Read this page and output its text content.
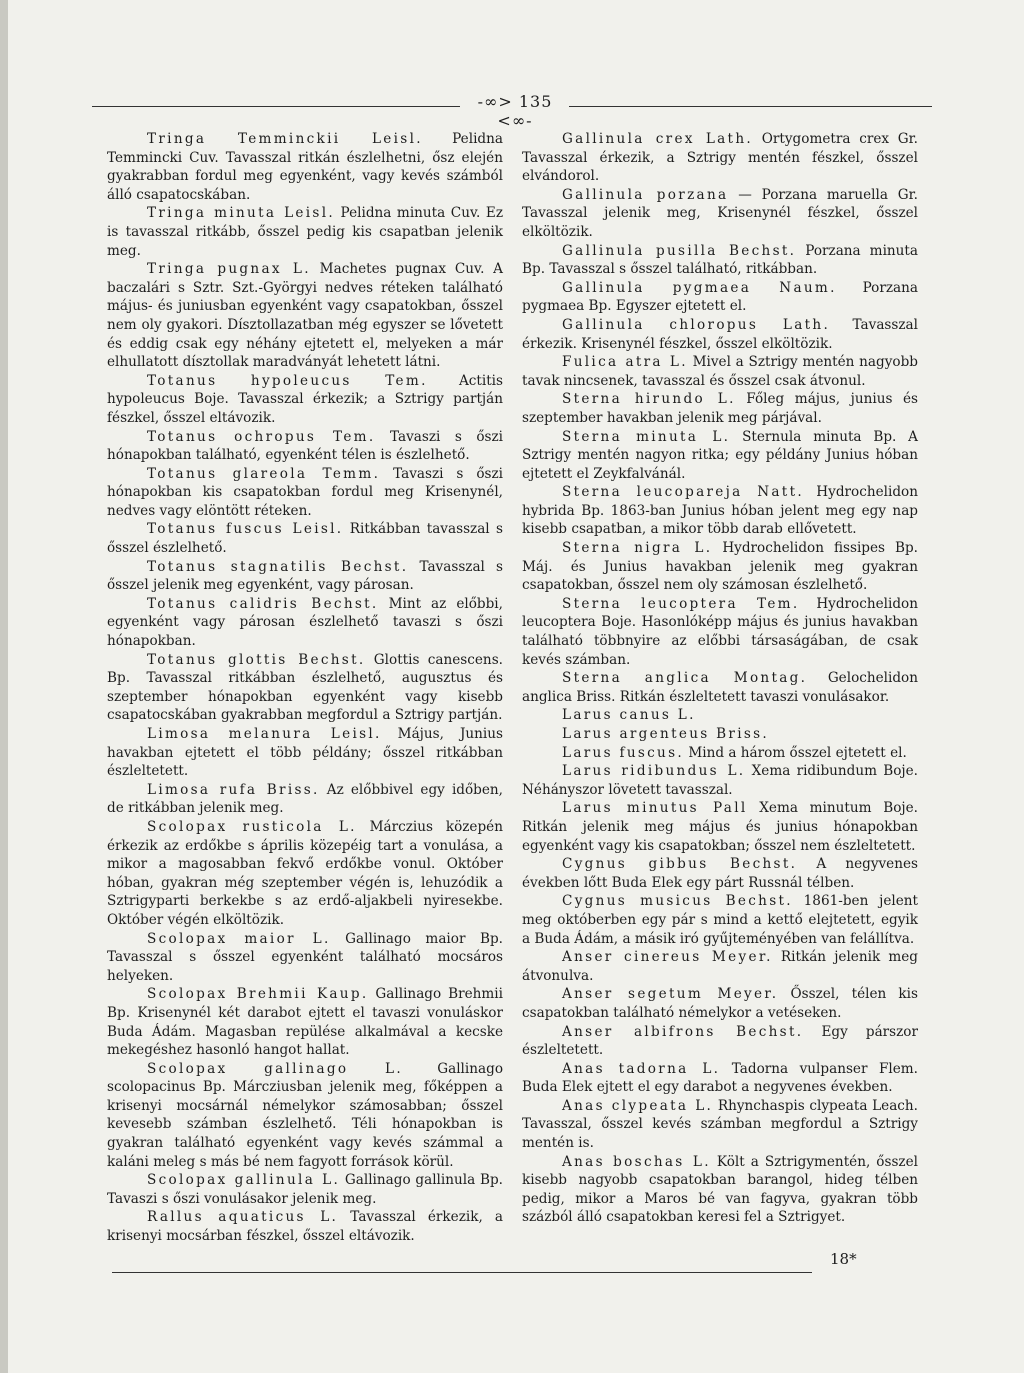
-∞> 135 <∞-

Tringa Temminckii Leisl. Pelidna Temmincki Cuv. Tavasszal ritkán észlelhetni, ősz elején gyakrabban fordul meg egyenként, vagy kevés számból álló csapatocskában.

Tringa minuta Leisl. Pelidna minuta Cuv. Ez is tavasszal ritkább, ősszel pedig kis csapatban jelenik meg.

Tringa pugnax L. Machetes pugnax Cuv. A baczalári s Sztr. Szt.-Györgyi nedves réteken található május- és juniusban egyenként vagy csapatokban, ősszel nem oly gyakori. Dísztollazatban még egyszer se lővetett és eddig csak egy néhány ejtetett el, melyeken a már elhullatott dísztollak maradványát lehetett látni.

Totanus hypoleucus Tem. Actitis hypoleucus Boje. Tavasszal érkezik; a Sztrigy partján fészkel, ősszel eltávozik.

Totanus ochropus Tem. Tavaszi s őszi hónapokban található, egyenként télen is észlelhető.

Totanus glareola Temm. Tavaszi s őszi hónapokban kis csapatokban fordul meg Krisenynél, nedves vagy elöntött réteken.

Totanus fuscus Leisl. Ritkábban tavasszal s ősszel észlelhető.

Totanus stagnatilis Bechst. Tavasszal s ősszel jelenik meg egyenként, vagy párosan.

Totanus calidris Bechst. Mint az előbbi, egyenként vagy párosan észlelhető tavaszi s őszi hónapokban.

Totanus glottis Bechst. Glottis canescens. Bp. Tavasszal ritkábban észlelhető, augusztus és szeptember hónapokban egyenként vagy kisebb csapatocskában gyakrabban megfordul a Sztrigy partján.

Limosa melanura Leisl. Május, Junius havakban ejtetett el több példány; ősszel ritkábban észleltetett.

Limosa rufa Briss. Az előbbivel egy időben, de ritkábban jelenik meg.

Scolopax rusticola L. Márczius közepén érkezik az erdőkbe s április közepéig tart a vonulása, a mikor a magosabban fekvő erdőkbe vonul. Október hóban, gyakran még szeptember végén is, lehuzódik a Sztrigyparti berkekbe s az erdő-aljakbeli nyiresekbe. Október végén elköltözik.

Scolopax maior L. Gallinago maior Bp. Tavasszal s ősszel egyenként található mocsáros helyeken.

Scolopax Brehmii Kaup. Gallinago Brehmii Bp. Krisenynél két darabot ejtett el tavaszi vonuláskor Buda Ádám. Magasban repülése alkalmával a kecske mekegéshez hasonló hangot hallat.

Scolopax gallinago L. Gallinago scolopacinus Bp. Márcziusban jelenik meg, főképpen a krisenyi mocsárnál némelykor számosabban; ősszel kevesebb számban észlelhető. Téli hónapokban is gyakran található egyenként vagy kevés számmal a kaláni meleg s más bé nem fagyott források körül.

Scolopax gallinula L. Gallinago gallinula Bp. Tavaszi s őszi vonulásakor jelenik meg.

Rallus aquaticus L. Tavasszal érkezik, a krisenyi mocsárban fészkel, ősszel eltávozik.

Gallinula crex Lath. Ortygometra crex Gr. Tavasszal érkezik, a Sztrigy mentén fészkel, ősszel elvándorol.

Gallinula porzana — Porzana maruella Gr. Tavasszal jelenik meg, Krisenynél fészkel, ősszel elköltözik.

Gallinula pusilla Bechst. Porzana minuta Bp. Tavasszal s ősszel található, ritkábban.

Gallinula pygmaea Naum. Porzana pygmaea Bp. Egyszer ejtetett el.

Gallinula chloropus Lath. Tavasszal érkezik. Krisenynél fészkel, ősszel elköltözik.

Fulica atra L. Mivel a Sztrigy mentén nagyobb tavak nincsenek, tavasszal és ősszel csak átvonul.

Sterna hirundo L. Főleg május, junius és szeptember havakban jelenik meg párjával.

Sterna minuta L. Sternula minuta Bp. A Sztrigy mentén nagyon ritka; egy példány Junius hóban ejtetett el Zeykfalvánál.

Sterna leucopareja Natt. Hydrochelidon hybrida Bp. 1863-ban Junius hóban jelent meg egy nap kisebb csapatban, a mikor több darab ellővetett.

Sterna nigra L. Hydrochelidon fissipes Bp. Máj. és Junius havakban jelenik meg gyakran csapatokban, ősszel nem oly számosan észlelhető.

Sterna leucoptera Tem. Hydrochelidon leucoptera Boje. Hasonlóképp május és junius havakban található többnyire az előbbi társaságában, de csak kevés számban.

Sterna anglica Montag. Gelochelidon anglica Briss. Ritkán észleltetett tavaszi vonulásakor.

Larus canus L.

Larus argenteus Briss.

Larus fuscus. Mind a három ősszel ejtetett el.

Larus ridibundus L. Xema ridibundum Boje. Néhányszor lövetett tavasszal.

Larus minutus Pall Xema minutum Boje. Ritkán jelenik meg május és junius hónapokban egyenként vagy kis csapatokban; ősszel nem észleltetett.

Cygnus gibbus Bechst. A negyvenes években lőtt Buda Elek egy párt Russnál télben.

Cygnus musicus Bechst. 1861-ben jelent meg októberben egy pár s mind a kettő elejtetett, egyik a Buda Ádám, a másik iró gyűjteményében van felállítva.

Anser cinereus Meyer. Ritkán jelenik meg átvonulva.

Anser segetum Meyer. Ősszel, télen kis csapatokban található némelykor a vetéseken.

Anser albifrons Bechst. Egy párszor észleltetett.

Anas tadorna L. Tadorna vulpanser Flem. Buda Elek ejtett el egy darabot a negyvenes években.

Anas clypeata L. Rhynchaspis clypeata Leach. Tavasszal, ősszel kevés számban megfordul a Sztrigy mentén is.

Anas boschas L. Költ a Sztrigymentén, ősszel kisebb nagyobb csapatokban barangol, hideg télben pedig, mikor a Maros bé van fagyva, gyakran több százból álló csapatokban keresi fel a Sztrigyet.

18*
